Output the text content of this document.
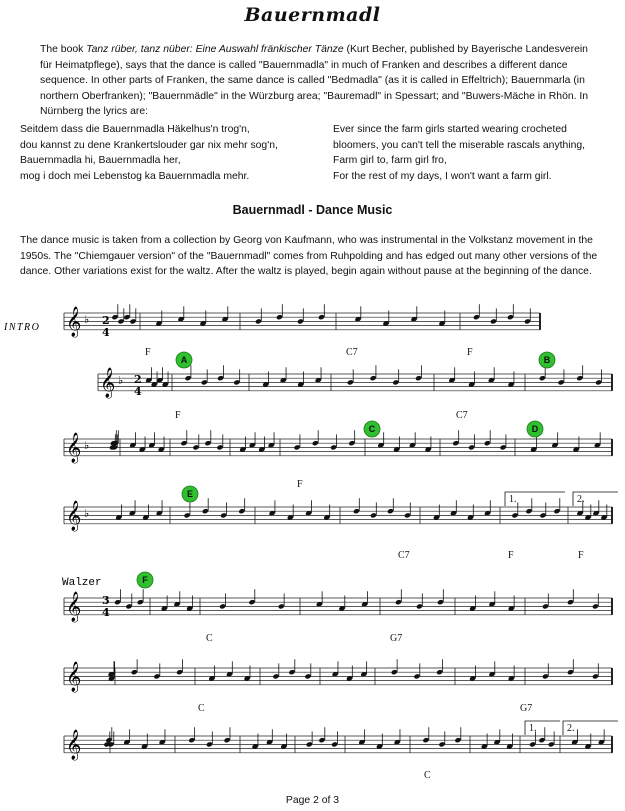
Bauernmadl
The book Tanz rüber, tanz nüber: Eine Auswahl fränkischer Tänze (Kurt Becher, published by Bayerische Landesverein für Heimatpflege), says that the dance is called "Bauernmadla" in much of Franken and describes a different dance sequence. In other parts of Franken, the same dance is called "Bedmadla" (as it is called in Effeltrich); Bauernmarla (in northern Oberfranken); "Bauernmädle" in the Würzburg area; "Bauremadl" in Spessart; and "Buwers-Mäche in Rhön. In Nürnberg the lyrics are:
Seitdem dass die Bauernmadla Häkelhus'n trog'n,
dou kannst zu dene Krankertslouder gar nix mehr sog'n,
Bauernmadla hi, Bauernmadla her,
mog i doch mei Lebenstog ka Bauernmadla mehr.
Ever since the farm girls started wearing crocheted
bloomers, you can't tell the miserable rascals anything,
Farm girl to, farm girl fro,
For the rest of my days, I won't want a farm girl.
Bauernmadl - Dance Music
The dance music is taken from a collection by Georg von Kaufmann, who was instrumental in the Volkstanz movement in the 1950s. The "Chiemgauer version" of the "Bauernmadl" comes from Ruhpolding and has edged out many other versions of the dance. Other variations exist for the waltz. After the waltz is played, begin again without pause at the beginning of the dance.
𝄞 ♭
𝄞 ♭
𝄞 ♭
𝄞 ♭
𝄞
𝄞
𝄞
INTRO
Walzer
2
4
2
4
3
4
A	B
C	D
E
F
F	C7	F
F	C7
F
C7	F	F
C	G7
C	G7
C
1.	2.
1.	2.
Page 2 of 3
